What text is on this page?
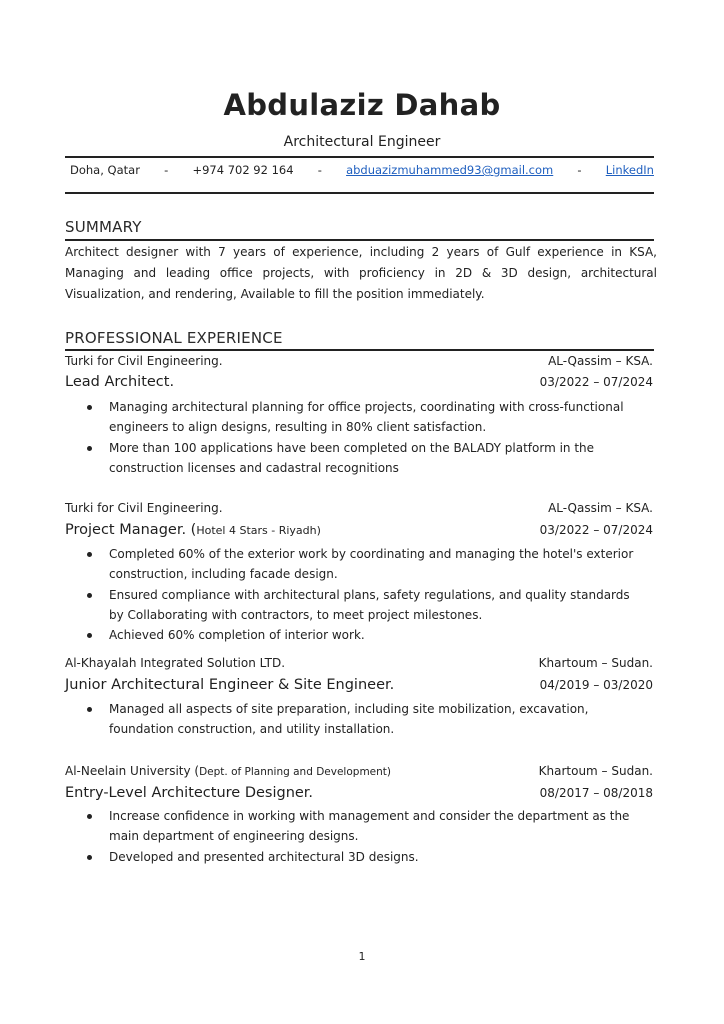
Abdulaziz Dahab
Architectural Engineer
Doha, Qatar - +974 702 92 164 - abduazizmuhammed93@gmail.com - LinkedIn
SUMMARY
Architect designer with 7 years of experience, including 2 years of Gulf experience in KSA, Managing and leading office projects, with proficiency in 2D & 3D design, architectural Visualization, and rendering, Available to fill the position immediately.
PROFESSIONAL EXPERIENCE
Turki for Civil Engineering.	AL-Qassim – KSA.
Lead Architect.	03/2022 – 07/2024
Managing architectural planning for office projects, coordinating with cross-functional engineers to align designs, resulting in 80% client satisfaction.
More than 100 applications have been completed on the BALADY platform in the construction licenses and cadastral recognitions
Turki for Civil Engineering.	AL-Qassim – KSA.
Project Manager. (Hotel 4 Stars - Riyadh)	03/2022 – 07/2024
Completed 60% of the exterior work by coordinating and managing the hotel's exterior construction, including facade design.
Ensured compliance with architectural plans, safety regulations, and quality standards by Collaborating with contractors, to meet project milestones.
Achieved 60% completion of interior work.
Al-Khayalah Integrated Solution LTD.	Khartoum – Sudan.
Junior Architectural Engineer & Site Engineer.	04/2019 – 03/2020
Managed all aspects of site preparation, including site mobilization, excavation, foundation construction, and utility installation.
Al-Neelain University (Dept. of Planning and Development)	Khartoum – Sudan.
Entry-Level Architecture Designer.	08/2017 – 08/2018
Increase confidence in working with management and consider the department as the main department of engineering designs.
Developed and presented architectural 3D designs.
1
